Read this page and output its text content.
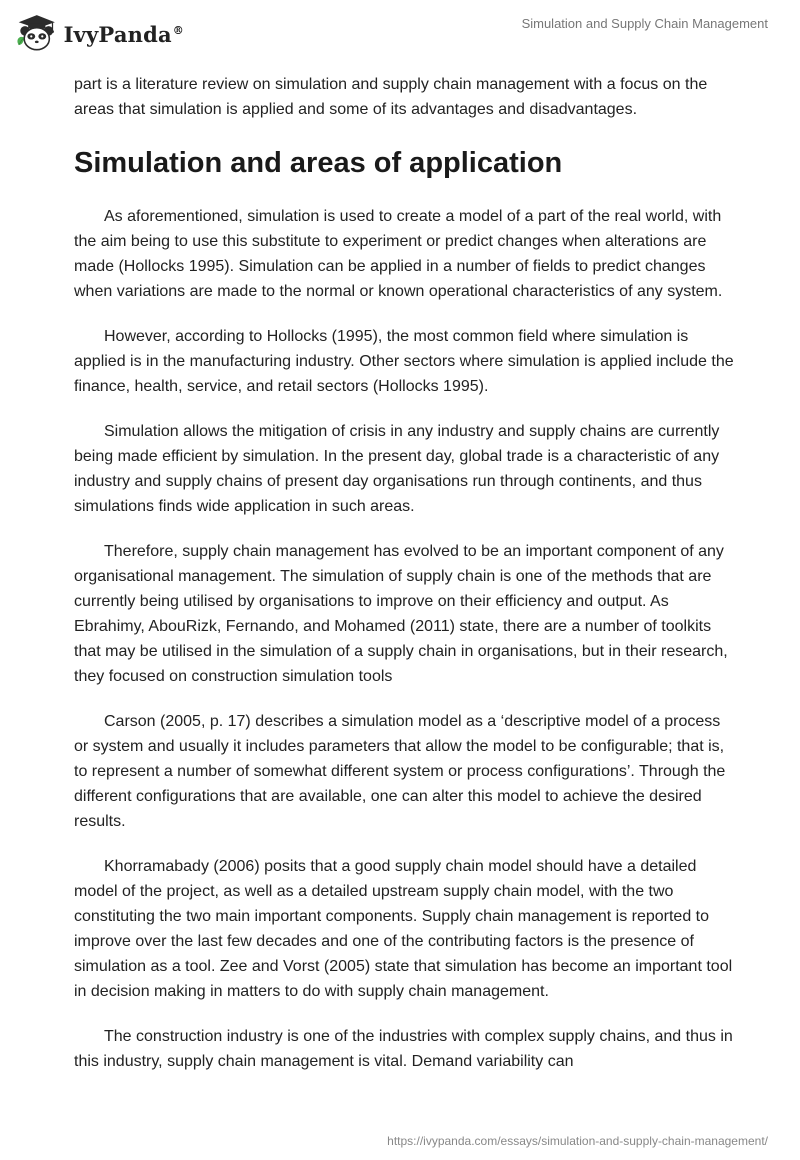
IvyPanda®	Simulation and Supply Chain Management

part is a literature review on simulation and supply chain management with a focus on the areas that simulation is applied and some of its advantages and disadvantages.

Simulation and areas of application

As aforementioned, simulation is used to create a model of a part of the real world, with the aim being to use this substitute to experiment or predict changes when alterations are made (Hollocks 1995). Simulation can be applied in a number of fields to predict changes when variations are made to the normal or known operational characteristics of any system.

However, according to Hollocks (1995), the most common field where simulation is applied is in the manufacturing industry. Other sectors where simulation is applied include the finance, health, service, and retail sectors (Hollocks 1995).

Simulation allows the mitigation of crisis in any industry and supply chains are currently being made efficient by simulation. In the present day, global trade is a characteristic of any industry and supply chains of present day organisations run through continents, and thus simulations finds wide application in such areas.

Therefore, supply chain management has evolved to be an important component of any organisational management. The simulation of supply chain is one of the methods that are currently being utilised by organisations to improve on their efficiency and output. As Ebrahimy, AbouRizk, Fernando, and Mohamed (2011) state, there are a number of toolkits that may be utilised in the simulation of a supply chain in organisations, but in their research, they focused on construction simulation tools

Carson (2005, p. 17) describes a simulation model as a ‘descriptive model of a process or system and usually it includes parameters that allow the model to be configurable; that is, to represent a number of somewhat different system or process configurations’. Through the different configurations that are available, one can alter this model to achieve the desired results.

Khorramabady (2006) posits that a good supply chain model should have a detailed model of the project, as well as a detailed upstream supply chain model, with the two constituting the two main important components. Supply chain management is reported to improve over the last few decades and one of the contributing factors is the presence of simulation as a tool. Zee and Vorst (2005) state that simulation has become an important tool in decision making in matters to do with supply chain management.

The construction industry is one of the industries with complex supply chains, and thus in this industry, supply chain management is vital. Demand variability can

https://ivypanda.com/essays/simulation-and-supply-chain-management/
